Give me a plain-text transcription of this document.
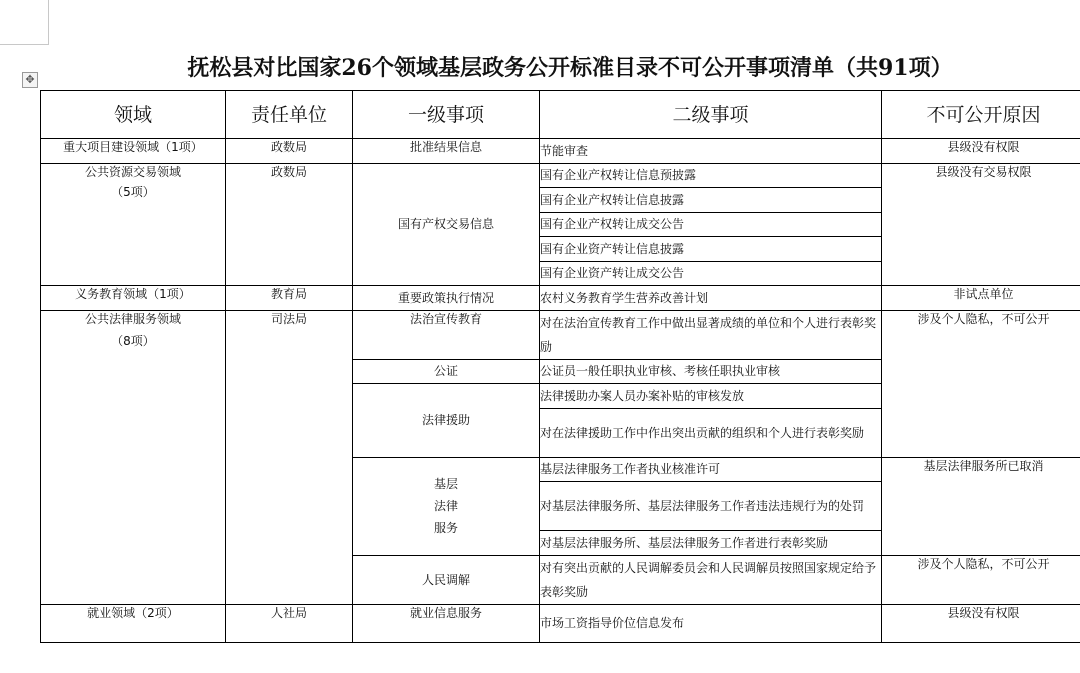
✥	抚松县对比国家26个领域基层政务公开标准目录不可公开事项清单（共91项）
领域	责任单位	一级事项	二级事项	不可公开原因
重大项目建设领域（1项）	政数局	批准结果信息	节能审查	县级没有权限

公共资源交易领域
（5项）	政数局	国有产权交易信息	国有企业产权转让信息预披露	县级没有交易权限
			国有企业产权转让信息披露	
			国有企业产权转让成交公告	
			国有企业资产转让信息披露	
			国有企业资产转让成交公告	
义务教育领域（1项）	教育局	重要政策执行情况	农村义务教育学生营养改善计划	非试点单位

公共法律服务领域
（8项）	司法局	法治宣传教育	对在法治宣传教育工作中做出显著成绩的单位和个人进行表彰奖励	涉及个人隐私，不可公开
		公证	公证员一般任职执业审核、考核任职执业审核	
		法律援助	法律援助办案人员办案补贴的审核发放	
			对在法律援助工作中作出突出贡献的组织和个人进行表彰奖励	

		基层
法律
服务	基层法律服务工作者执业核准许可	基层法律服务所已取消
			对基层法律服务所、基层法律服务工作者违法违规行为的处罚	

			对基层法律服务所、基层法律服务工作者进行表彰奖励	
		人民调解	对有突出贡献的人民调解委员会和人民调解员按照国家规定给予表彰奖励	涉及个人隐私，不可公开

就业领域（2项）	人社局	就业信息服务	市场工资指导价位信息发布	县级没有权限
